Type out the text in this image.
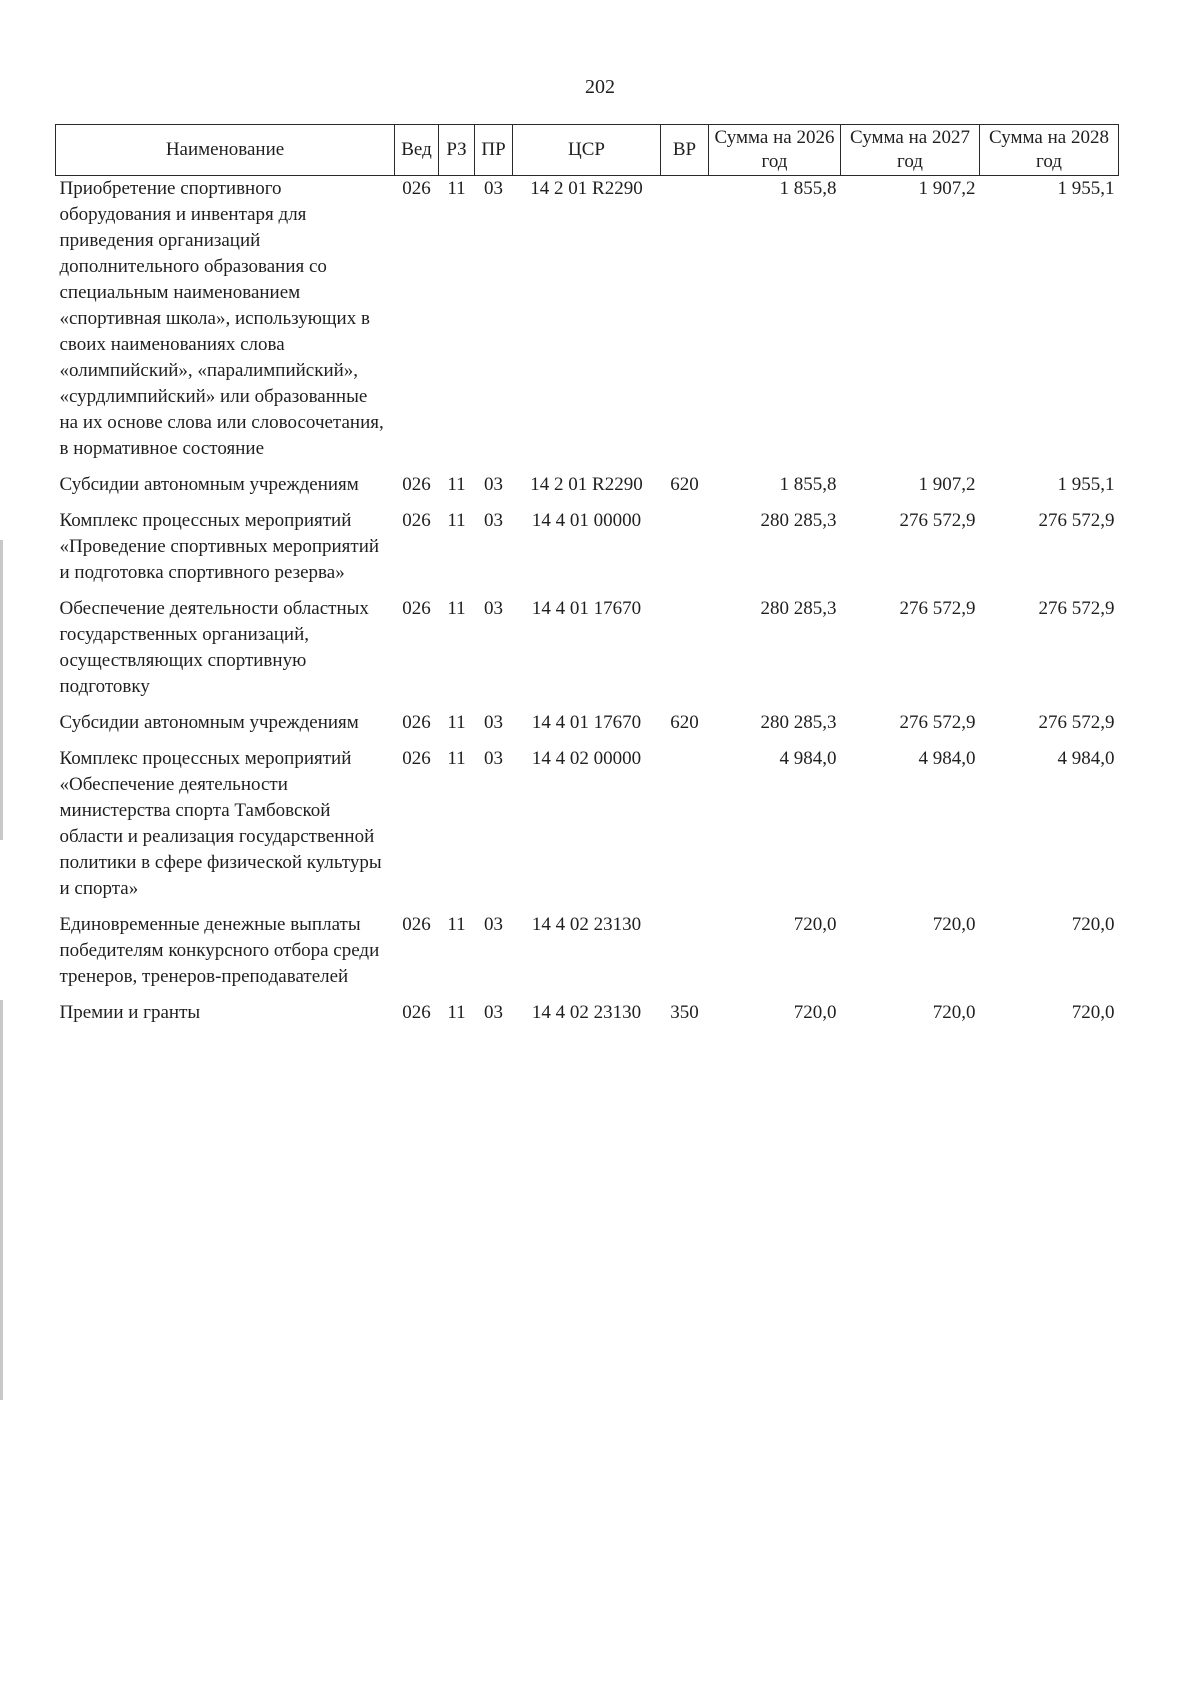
202
Наименование	Вед	РЗ	ПР	ЦСР	ВР	Сумма на 2026 год	Сумма на 2027 год	Сумма на 2028 год
Приобретение спортивного оборудования и инвентаря для приведения организаций дополнительного образования со специальным наименованием «спортивная школа», использующих в своих наименованиях слова «олимпийский», «паралимпийский», «сурдлимпийский» или образованные на их основе слова или словосочетания, в нормативное состояние	026	11	03	14 2 01 R2290		1 855,8	1 907,2	1 955,1
Субсидии автономным учреждениям	026	11	03	14 2 01 R2290	620	1 855,8	1 907,2	1 955,1
Комплекс процессных мероприятий «Проведение спортивных мероприятий и подготовка спортивного резерва»	026	11	03	14 4 01 00000		280 285,3	276 572,9	276 572,9
Обеспечение деятельности областных государственных организаций, осуществляющих спортивную подготовку	026	11	03	14 4 01 17670		280 285,3	276 572,9	276 572,9
Субсидии автономным учреждениям	026	11	03	14 4 01 17670	620	280 285,3	276 572,9	276 572,9
Комплекс процессных мероприятий «Обеспечение деятельности министерства спорта Тамбовской области и реализация государственной политики в сфере физической культуры и спорта»	026	11	03	14 4 02 00000		4 984,0	4 984,0	4 984,0
Единовременные денежные выплаты победителям конкурсного отбора среди тренеров, тренеров-преподавателей	026	11	03	14 4 02 23130		720,0	720,0	720,0
Премии и гранты	026	11	03	14 4 02 23130	350	720,0	720,0	720,0
